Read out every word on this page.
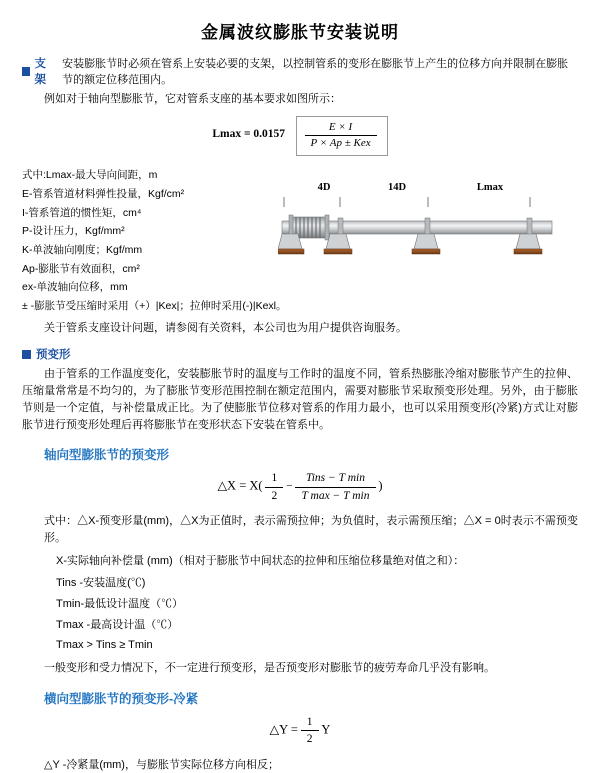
金属波纹膨胀节安装说明
支架
安装膨胀节时必须在管系上安装必要的支架，以控制管系的变形在膨胀节上产生的位移方向并限制在膨胀节的额定位移范围内。

例如对于轴向型膨胀节，它对管系支座的基本要求如图所示：

$Lmax = 0.0157 \frac{E \times I}{\text{P × Ap ± Kex}}$
式中:Lmax-最大导向间距，m
E-管系管道材料弹性投量，Kgf/cm²
I-管系管道的惯性矩，cm⁴
P-设计压力，Kgf/mm²
K-单波轴向刚度；Kgf/mm
Ap-膨胀节有效面积，cm²
ex-单波轴向位移，mm
± -膨胀节受压缩时采用（+）|Kex|；拉伸时采用(-)|Kexl。
4D	14D	Lmax

关于管系支座设计问题，请参阅有关资料，本公司也为用户提供咨询服务。

预变形

由于管系的工作温度变化，安装膨胀节时的温度与工作时的温度不同，管系热膨胀冷缩对膨胀节产生的拉伸、压缩量常常是不均匀的，为了膨胀节变形范围控制在额定范围内，需要对膨胀节采取预变形处理。另外，由于膨胀节则是一个定值，与补偿量成正比。为了使膨胀节位移对管系的作用力最小，也可以采用预变形(冷紧)方式让对膨胀节进行预变形处理后再将膨胀节在变形状态下安装在管系中。

轴向型膨胀节的预变形
△X = $X( \frac{1}{2} - \frac{\text{Tins − T min}}{\text{T max − T min}}$ )

式中：△X-预变形量(mm)，△X为正值时，表示需预拉伸；为负值时，表示需预压缩；△X = 0时表示不需预变形。

X-实际轴向补偿量 (mm)（相对于膨胀节中间状态的拉伸和压缩位移量绝对值之和）：

Tins -安装温度(℃)

Tmin-最低设计温度（℃）

Tmax -最高设计温（℃）

Tmax > Tins ≥ Tmin

一般变形和受力情况下，不一定进行预变形，是否预变形对膨胀节的疲劳寿命几乎没有影响。

横向型膨胀节的预变形-冷紧
△Y = $\frac{1}{2}$ Y

△Y -冷紧量(mm)，与膨胀节实际位移方向相反；
